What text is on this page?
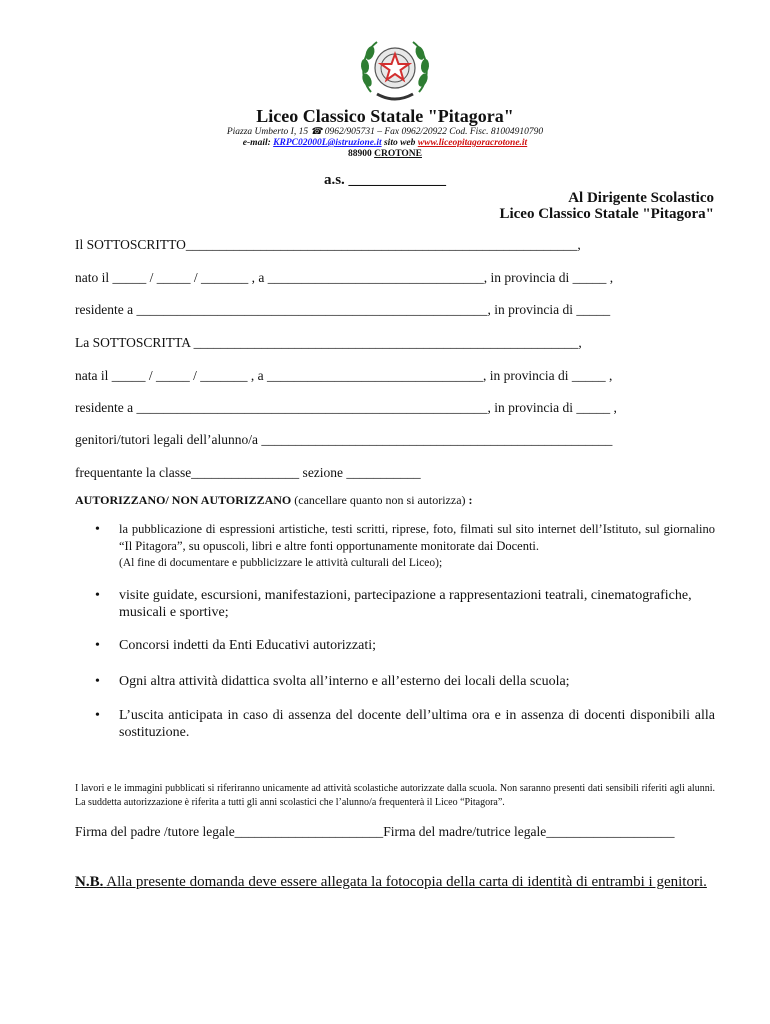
Liceo Classico Statale "Pitagora"
Piazza Umberto I, 15 ☎ 0962/905731 – Fax 0962/20922 Cod. Fisc. 81004910790
e-mail: KRPC02000L@istruzione.it sito web www.liceopitagoracrotone.it
88900 CROTONE
a.s. _____________
Al Dirigente Scolastico
Liceo Classico Statale "Pitagora"
Il SOTTOSCRITTO__________________________________________________________,
nato il _____ / _____ / _______ , a ________________________________, in provincia di _____ ,
residente a ____________________________________________________, in provincia di _____
La SOTTOSCRITTA _________________________________________________________,
nata il _____ / _____ / _______ , a ________________________________, in provincia di _____ ,
residente a ____________________________________________________, in provincia di _____ ,
genitori/tutori legali dell’alunno/a ____________________________________________________
frequentante la classe________________ sezione ___________
AUTORIZZANO/ NON AUTORIZZANO (cancellare quanto non si autorizza) :
• la pubblicazione di espressioni artistiche, testi scritti, riprese, foto, filmati sul sito internet dell’Istituto, sul giornalino “Il Pitagora”, su opuscoli, libri e altre fonti opportunamente monitorate dai Docenti.
(Al fine di documentare e pubblicizzare le attività culturali del Liceo);
• visite guidate, escursioni, manifestazioni, partecipazione a rappresentazioni teatrali, cinematografiche, musicali e sportive;
• Concorsi indetti da Enti Educativi autorizzati;
• Ogni altra attività didattica svolta all’interno e all’esterno dei locali della scuola;
• L’uscita anticipata in caso di assenza del docente dell’ultima ora e in assenza di docenti disponibili alla sostituzione.
I lavori e le immagini pubblicati si riferiranno unicamente ad attività scolastiche autorizzate dalla scuola. Non saranno presenti dati sensibili riferiti agli alunni. La suddetta autorizzazione è riferita a tutti gli anni scolastici che l’alunno/a frequenterà il Liceo “Pitagora”.
Firma del padre /tutore legale______________________Firma del madre/tutrice legale___________________
N.B. Alla presente domanda deve essere allegata la fotocopia della carta di identità di entrambi i genitori.
